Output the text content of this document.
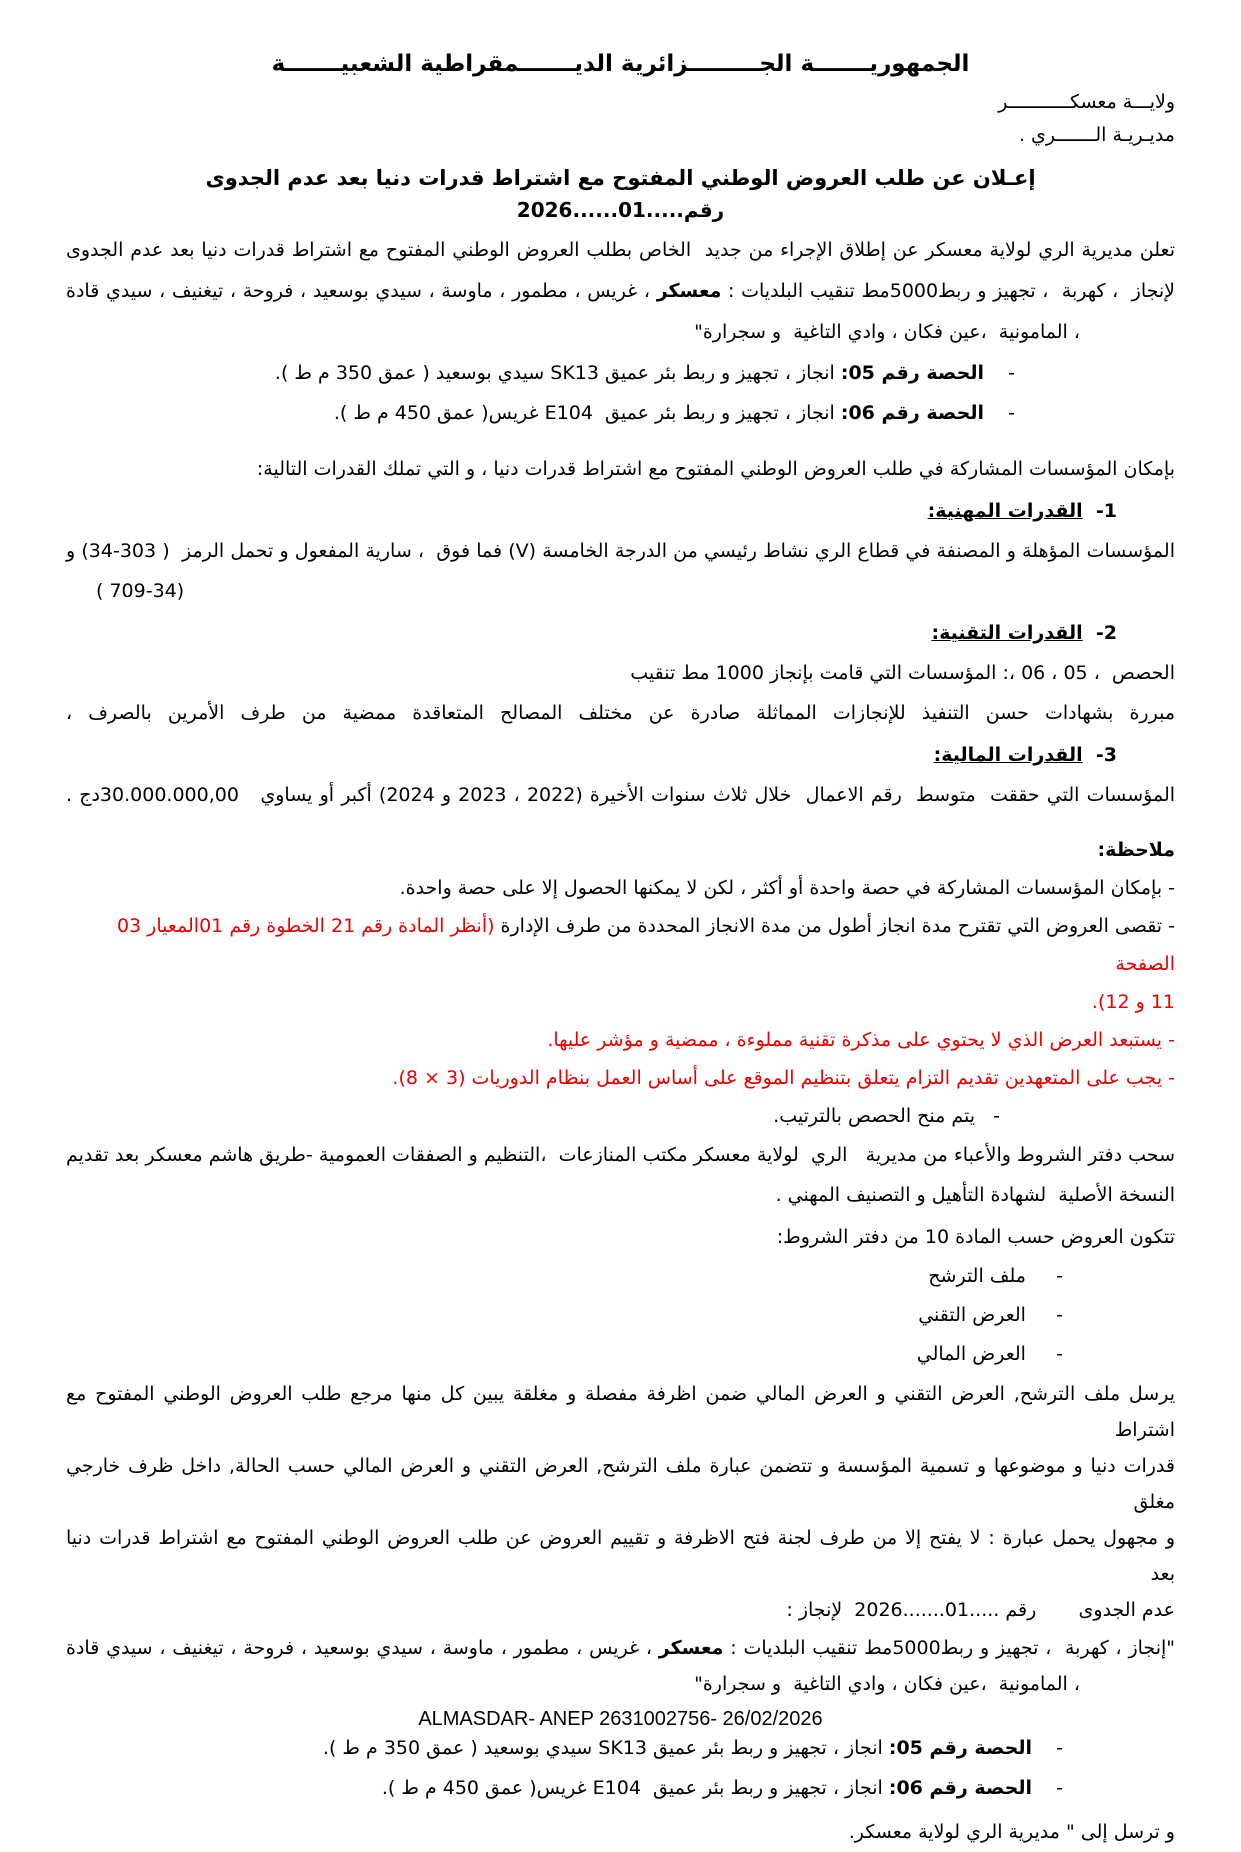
الجمهوريـــــــة الجـــــــــزائرية الديـــــــمقراطية الشعبيـــــــة
ولايـــة معسكـــــــــــر
مديـريـة الـــــــري .
إعـلان عن طلب العروض الوطني المفتوح مع اشتراط قدرات دنيا بعد عدم الجدوى
رقم.....01......2026
تعلن مديرية الري لولاية معسكر عن إطلاق الإجراء من جديد  الخاص بطلب العروض الوطني المفتوح مع اشتراط قدرات دنيا بعد عدم الجدوى
لإنجاز  ، كهربة  ، تجهيز و ربط5000مط تنقيب البلديات : معسكر ، غريس ، مطمور ، ماوسة ، سيدي بوسعيد ، فروحة ، تيغنيف ، سيدي قادة
، المامونية  ،عين فكان ، وادي التاغية  و سجرارة"
-    الحصة رقم 05: انجاز ، تجهيز و ربط بئر عميق SK13 سيدي بوسعيد ( عمق 350 م ط ).
-    الحصة رقم 06: انجاز ، تجهيز و ربط بئر عميق  E104 غريس( عمق 450 م ط ).
بإمكان المؤسسات المشاركة في طلب العروض الوطني المفتوح مع اشتراط قدرات دنيا ، و التي تملك القدرات التالية:
1-  القدرات المهنية:
المؤسسات المؤهلة و المصنفة في قطاع الري نشاط رئيسي من الدرجة الخامسة (V) فما فوق  ، سارية المفعول و تحمل الرمز  ( 303-34) و
(709-34 )
2-  القدرات التقنية:
الحصص  ، 05 ، 06 ،: المؤسسات التي قامت بإنجاز 1000 مط تنقيب
مبررة بشهادات حسن التنفيذ للإنجازات المماثلة صادرة عن مختلف المصالح المتعاقدة ممضية من طرف الأمرين بالصرف ،
3-  القدرات المالية:
المؤسسات التي حققت  متوسط  رقم الاعمال  خلال ثلاث سنوات الأخيرة (2022 ، 2023 و 2024) أكبر أو يساوي   30.000.000,00دج .
ملاحظة:
- بإمكان المؤسسات المشاركة في حصة واحدة أو أكثر ، لكن لا يمكنها الحصول إلا على حصة واحدة.
- تقصى العروض التي تقترح مدة انجاز أطول من مدة الانجاز المحددة من طرف الإدارة (أنظر المادة رقم 21 الخطوة رقم 01المعيار 03   الصفحة
11 و 12).
- يستبعد العرض الذي لا يحتوي على مذكرة تقنية مملوءة ، ممضية و مؤشر عليها.
- يجب على المتعهدين تقديم التزام يتعلق بتنظيم الموقع على أساس العمل بنظام الدوريات (3 × 8).
-   يتم منح الحصص بالترتيب.
سحب دفتر الشروط والأعباء من مديرية   الري  لولاية معسكر مكتب المنازعات  ،التنظيم و الصفقات العمومية -طريق هاشم معسكر بعد تقديم
النسخة الأصلية  لشهادة التأهيل و التصنيف المهني .
تتكون العروض حسب المادة 10 من دفتر الشروط:
-     ملف الترشح
-     العرض التقني
-     العرض المالي
يرسل ملف الترشح, العرض التقني و العرض المالي ضمن اظرفة مفصلة و مغلقة يبين كل منها مرجع طلب العروض الوطني المفتوح مع اشتراط
قدرات دنيا و موضوعها و تسمية المؤسسة و تتضمن عبارة ملف الترشح, العرض التقني و العرض المالي حسب الحالة, داخل ظرف خارجي مغلق
و مجهول يحمل عبارة : لا يفتح إلا من طرف لجنة فتح الاظرفة و تقييم العروض عن طلب العروض الوطني المفتوح مع اشتراط قدرات دنيا    بعد
عدم الجدوى       رقم .....01.......2026  لإنجاز :
"إنجاز ، كهربة  ، تجهيز و ربط5000مط تنقيب البلديات : معسكر ، غريس ، مطمور ، ماوسة ، سيدي بوسعيد ، فروحة ، تيغنيف ، سيدي قادة
، المامونية  ،عين فكان ، وادي التاغية  و سجرارة"
-    الحصة رقم 05: انجاز ، تجهيز و ربط بئر عميق SK13 سيدي بوسعيد ( عمق 350 م ط ).
-    الحصة رقم 06: انجاز ، تجهيز و ربط بئر عميق  E104 غريس( عمق 450 م ط ).
و ترسل إلى " مديرية الري لولاية معسكر.
ALMASDAR- ANEP 2631002756- 26/02/2026
